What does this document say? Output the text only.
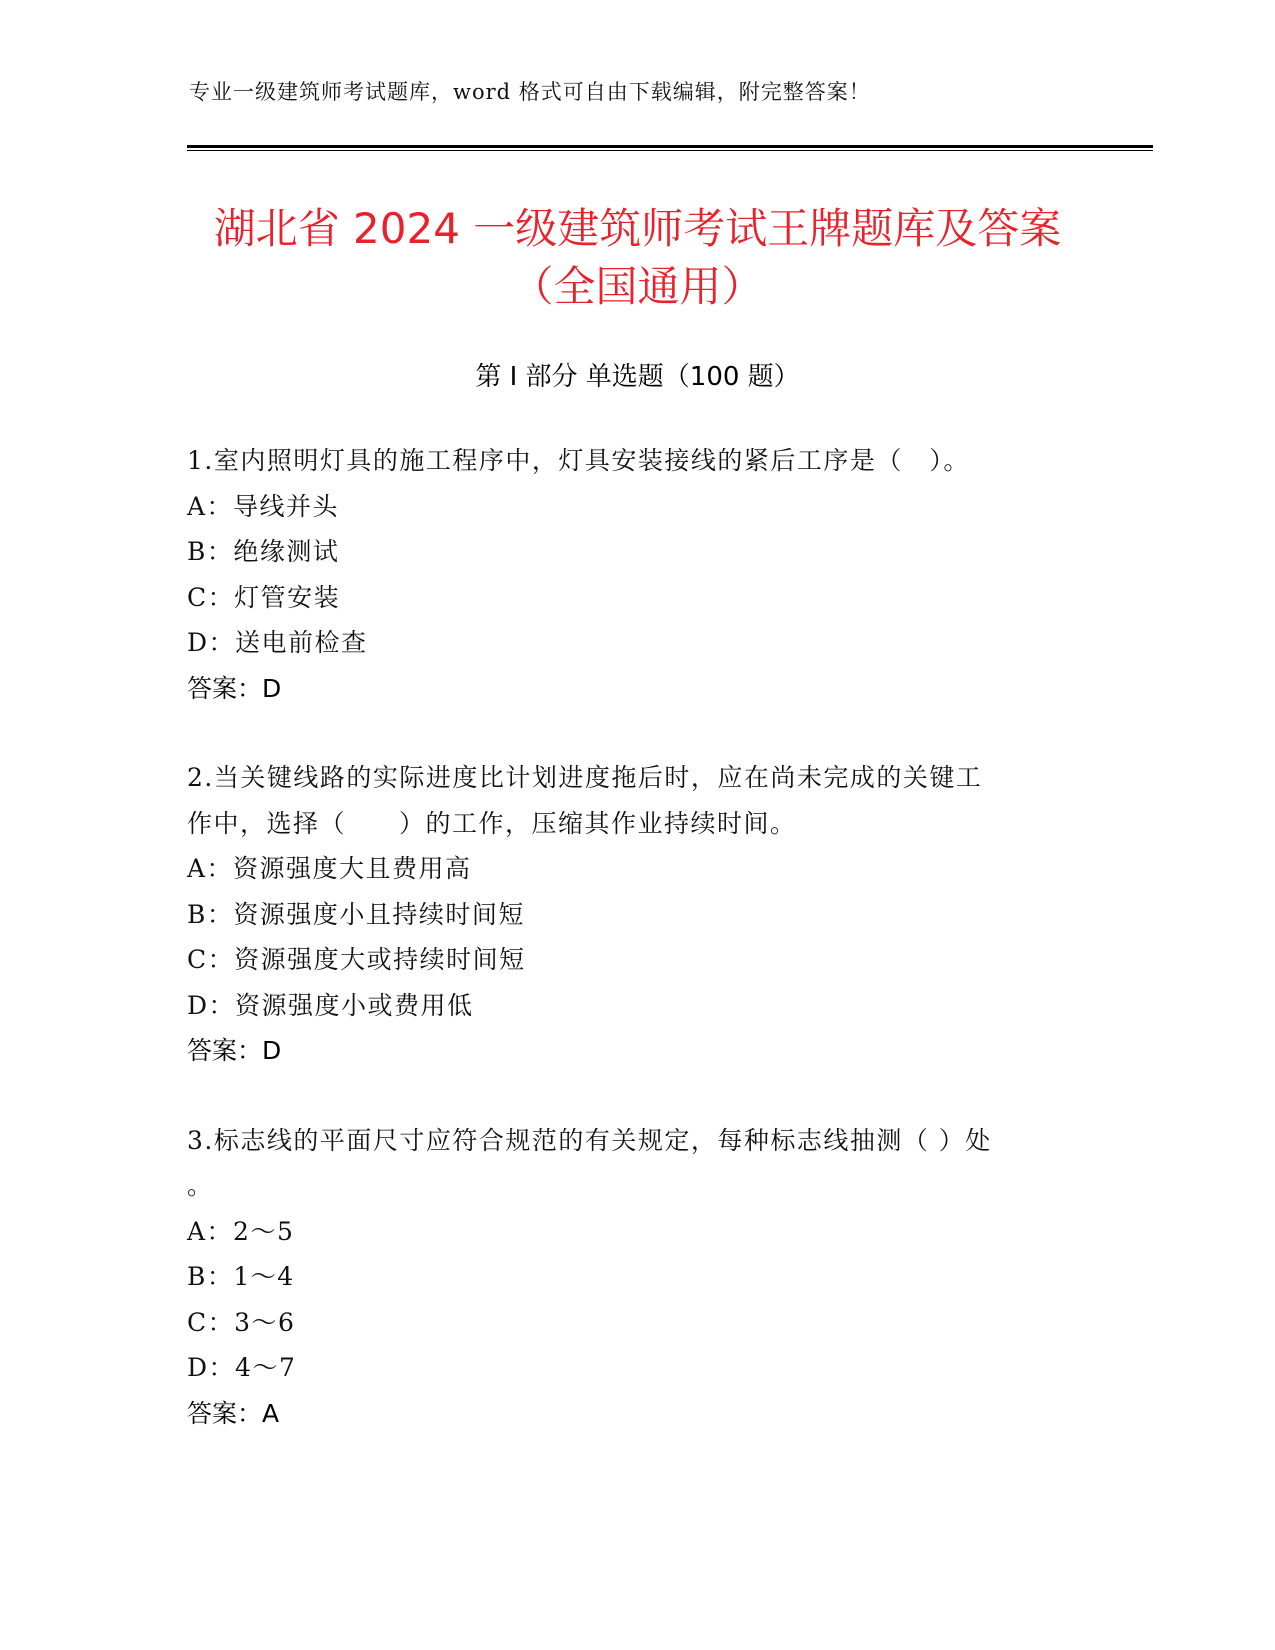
专业一级建筑师考试题库，word 格式可自由下载编辑，附完整答案！
湖北省 2024 一级建筑师考试王牌题库及答案
（全国通用）
第 I 部分 单选题（100 题）
1.室内照明灯具的施工程序中，灯具安装接线的紧后工序是（　）。
A：导线并头
B：绝缘测试
C：灯管安装
D：送电前检查
答案：D
2.当关键线路的实际进度比计划进度拖后时，应在尚未完成的关键工
作中，选择（　　）的工作，压缩其作业持续时间。
A：资源强度大且费用高
B：资源强度小且持续时间短
C：资源强度大或持续时间短
D：资源强度小或费用低
答案：D
3.标志线的平面尺寸应符合规范的有关规定，每种标志线抽测（ ）处
。
A：2～5
B：1～4
C：3～6
D：4～7
答案：A
